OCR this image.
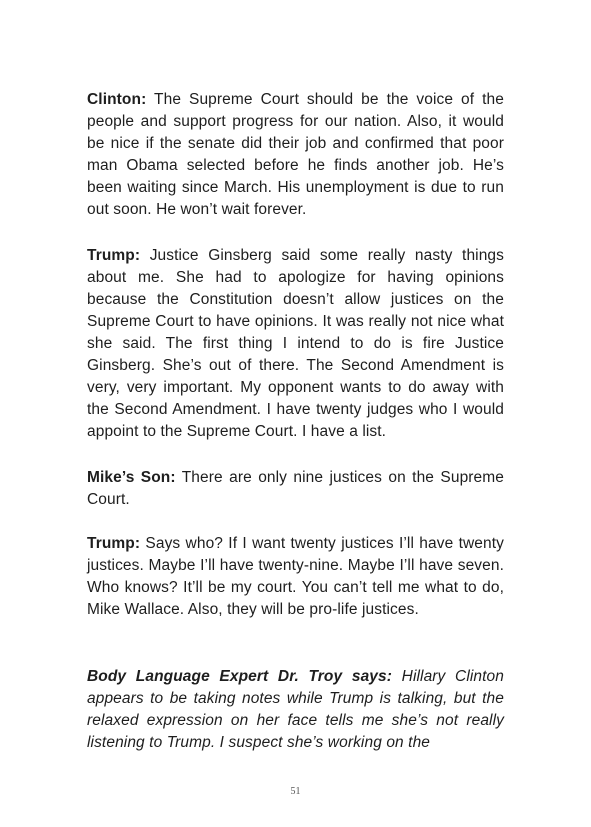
Clinton: The Supreme Court should be the voice of the people and support progress for our nation. Also, it would be nice if the senate did their job and confirmed that poor man Obama selected before he finds another job. He’s been waiting since March. His unemployment is due to run out soon. He won’t wait forever.

Trump: Justice Ginsberg said some really nasty things about me. She had to apologize for having opinions because the Constitution doesn’t allow justices on the Supreme Court to have opinions. It was really not nice what she said. The first thing I intend to do is fire Justice Ginsberg. She’s out of there. The Second Amendment is very, very important. My opponent wants to do away with the Second Amendment. I have twenty judges who I would appoint to the Supreme Court. I have a list.

Mike’s Son: There are only nine justices on the Supreme Court.

Trump: Says who? If I want twenty justices I’ll have twenty justices. Maybe I’ll have twenty-nine. Maybe I’ll have seven. Who knows? It’ll be my court. You can’t tell me what to do, Mike Wallace. Also, they will be pro-life justices.

Body Language Expert Dr. Troy says: Hillary Clinton appears to be taking notes while Trump is talking, but the relaxed expression on her face tells me she’s not really listening to Trump. I suspect she’s working on the

51
